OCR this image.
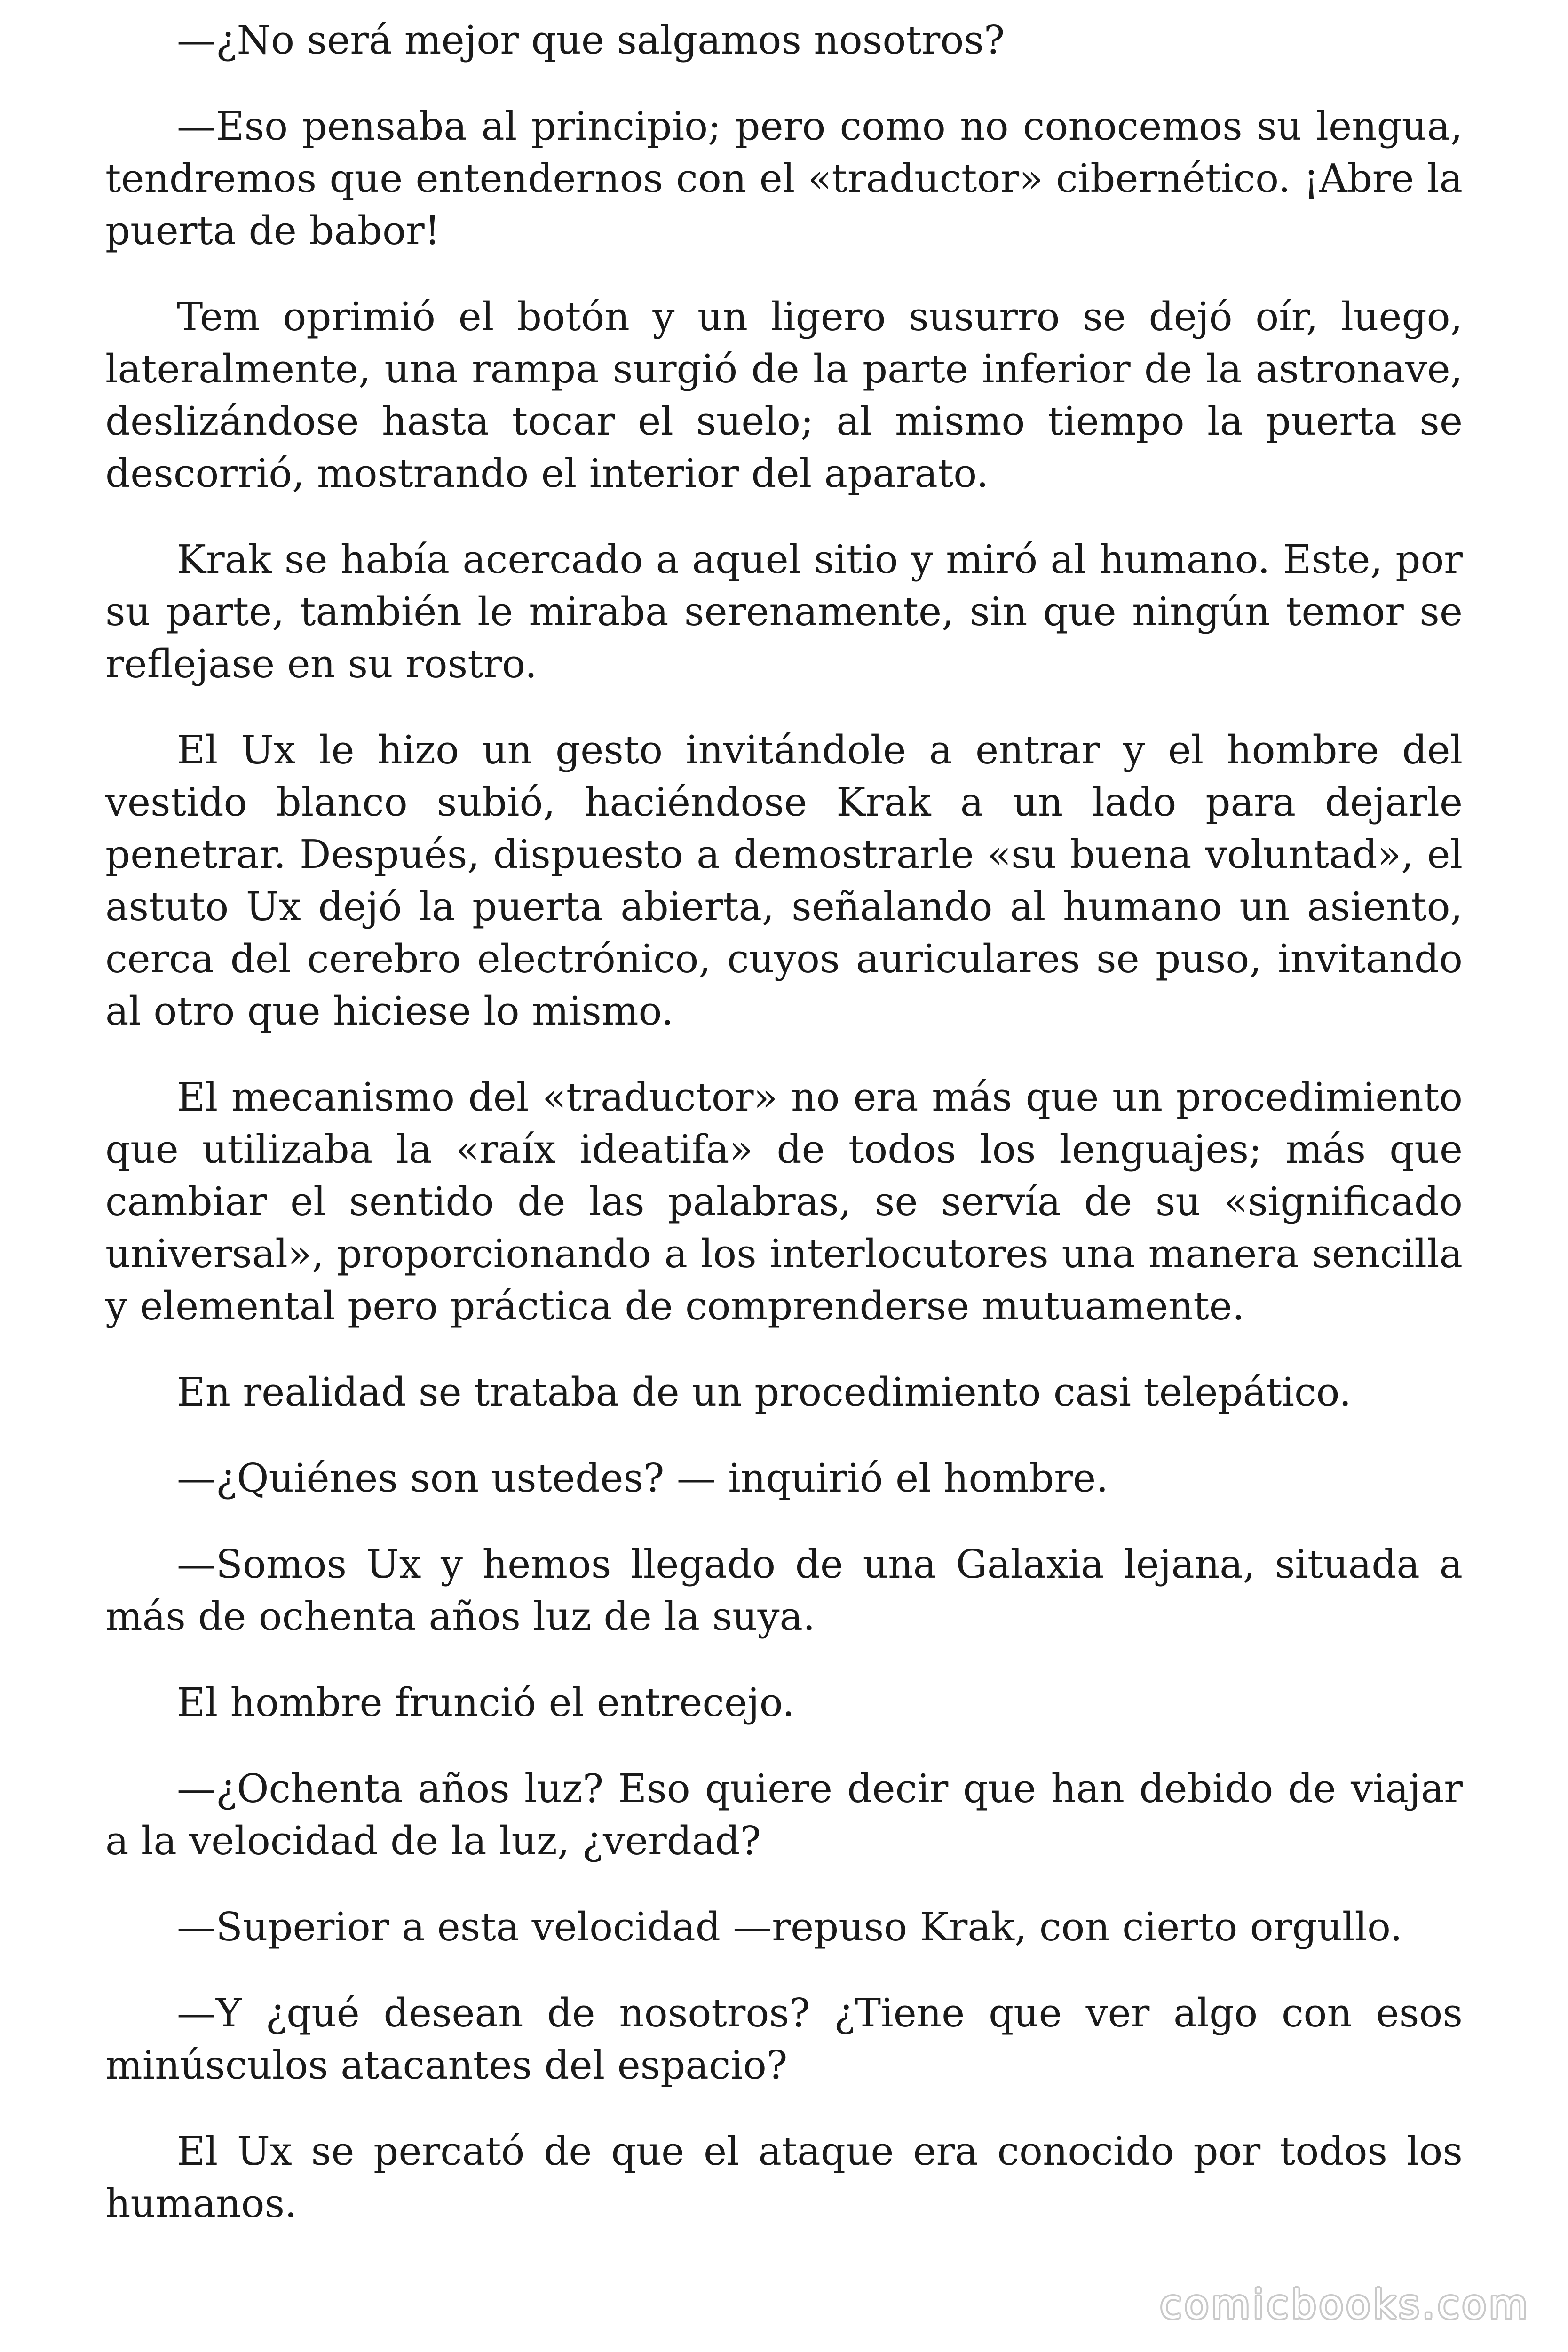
—¿No será mejor que salgamos nosotros?

—Eso pensaba al principio; pero como no conocemos su lengua, tendremos que entendernos con el «traductor» cibernético. ¡Abre la puerta de babor!

Tem oprimió el botón y un ligero susurro se dejó oír, luego, lateralmente, una rampa surgió de la parte inferior de la astronave, deslizándose hasta tocar el suelo; al mismo tiempo la puerta se descorrió, mostrando el interior del aparato.

Krak se había acercado a aquel sitio y miró al humano. Este, por su parte, también le miraba serenamente, sin que ningún temor se reflejase en su rostro.

El Ux le hizo un gesto invitándole a entrar y el hombre del vestido blanco subió, haciéndose Krak a un lado para dejarle penetrar. Después, dispuesto a demostrarle «su buena voluntad», el astuto Ux dejó la puerta abierta, señalando al humano un asiento, cerca del cerebro electrónico, cuyos auriculares se puso, invitando al otro que hiciese lo mismo.

El mecanismo del «traductor» no era más que un procedimiento que utilizaba la «raíx ideatifa» de todos los lenguajes; más que cambiar el sentido de las palabras, se servía de su «significado universal», proporcionando a los interlocutores una manera sencilla y elemental pero práctica de comprenderse mutuamente.

En realidad se trataba de un procedimiento casi telepático.

—¿Quiénes son ustedes? — inquirió el hombre.

—Somos Ux y hemos llegado de una Galaxia lejana, situada a más de ochenta años luz de la suya.

El hombre frunció el entrecejo.

—¿Ochenta años luz? Eso quiere decir que han debido de viajar a la velocidad de la luz, ¿verdad?

—Superior a esta velocidad —repuso Krak, con cierto orgullo.

—Y ¿qué desean de nosotros? ¿Tiene que ver algo con esos minúsculos atacantes del espacio?

El Ux se percató de que el ataque era conocido por todos los humanos.

comicbooks.com
